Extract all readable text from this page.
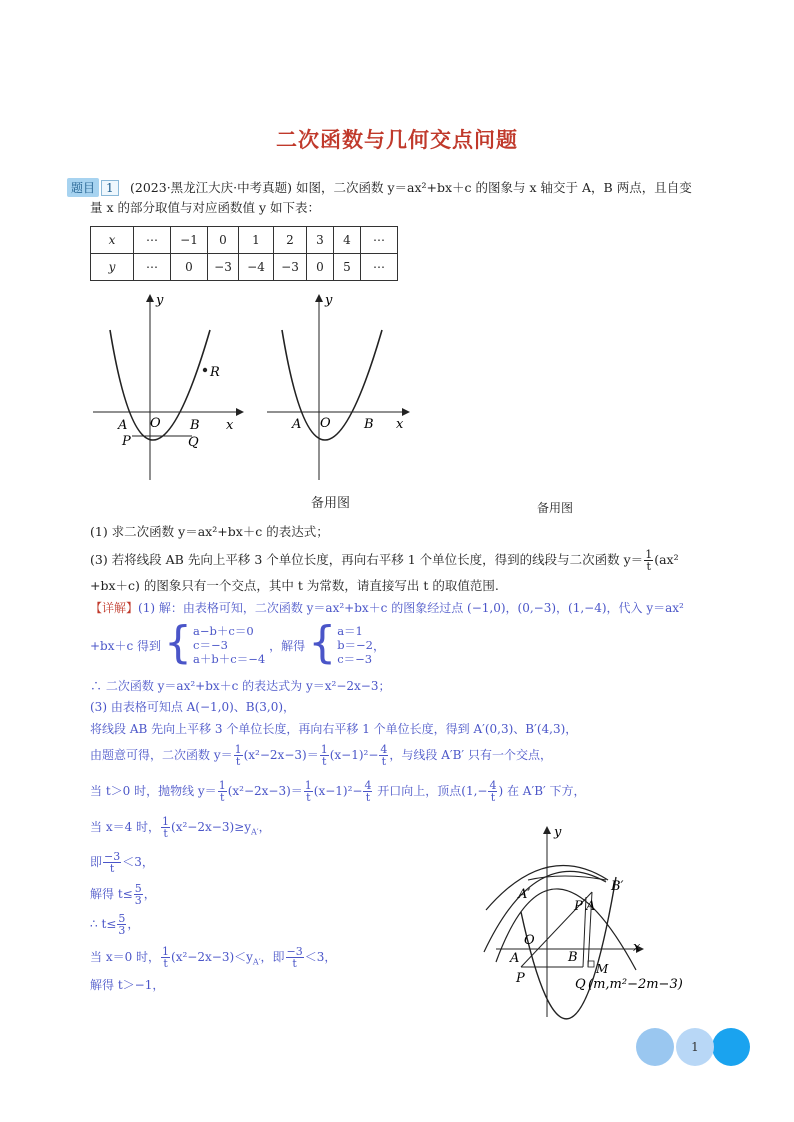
二次函数与几何交点问题
题目 1	(2023·黑龙江大庆·中考真题) 如图，二次函数 y＝ax²+bx＋c 的图象与 x 轴交于 A，B 两点，且自变
量 x 的部分取值与对应函数值 y 如下表：
x	⋯	−1	0	1	2	3	4	⋯
y	⋯	0	−3	−4	−3	0	5	⋯
y
R
A O B x
P	Q
y
A O	B x
备用图	备用图
(1) 求二次函数 y＝ax²+bx＋c 的表达式；
(3) 若将线段 AB 先向上平移 3 个单位长度，再向右平移 1 个单位长度，得到的线段与二次函数 $y= \frac{1}{t} (ax^2$
+bx＋c) 的图象只有一个交点，其中 t 为常数，请直接写出 t 的取值范围.
【详解】(1) 解：由表格可知，二次函数 y＝ax²+bx＋c 的图象经过点 (−1,0)，(0,−3)，(1,−4)，代入 y＝ax²
+bx＋c 得到 { a−b＋c＝0
c＝−3
a＋b＋c＝−4
，解得 { a＝1
b＝−2
c＝−3
，
∴ 二次函数 y＝ax²+bx＋c 的表达式为 y＝x²−2x−3；
(3) 由表格可知点 A(−1,0)、B(3,0)，
将线段 AB 先向上平移 3 个单位长度，再向右平移 1 个单位长度，得到 A′(0,3)、B′(4,3)，
由题意可得，二次函数 $y= \frac{1}{t} (x^2-2x-3)= \frac{1}{t} (x-1)^2- \frac{4}{t}$ ，与线段 A′B′ 只有一个交点，
当 t＞0 时，抛物线 $y= \frac{1}{t} (x^2-2x-3)= \frac{1}{t} (x-1)^2- \frac{4}{t}$ 开口向上，顶点($1,- \frac{4}{t}$ ) 在 A′B′ 下方，
当 x＝4 时， $\frac{1}{t} (x^2-2x-3)\ge y_{A'}$，
即 $\frac{-3}{t} <3$，
解得 $t\le \frac{5}{3}$ ，
∴ $t\le \frac{5}{3}$ ，
当 x＝0 时， $\frac{1}{t} (x^2-2x-3)<y_{A'}$，即 $\frac{-3}{t} <3$，
解得 t＞−1，
y
B′
A′
P A
O	x
A	B
M
P	Q (m,m²−2m−3)
1
